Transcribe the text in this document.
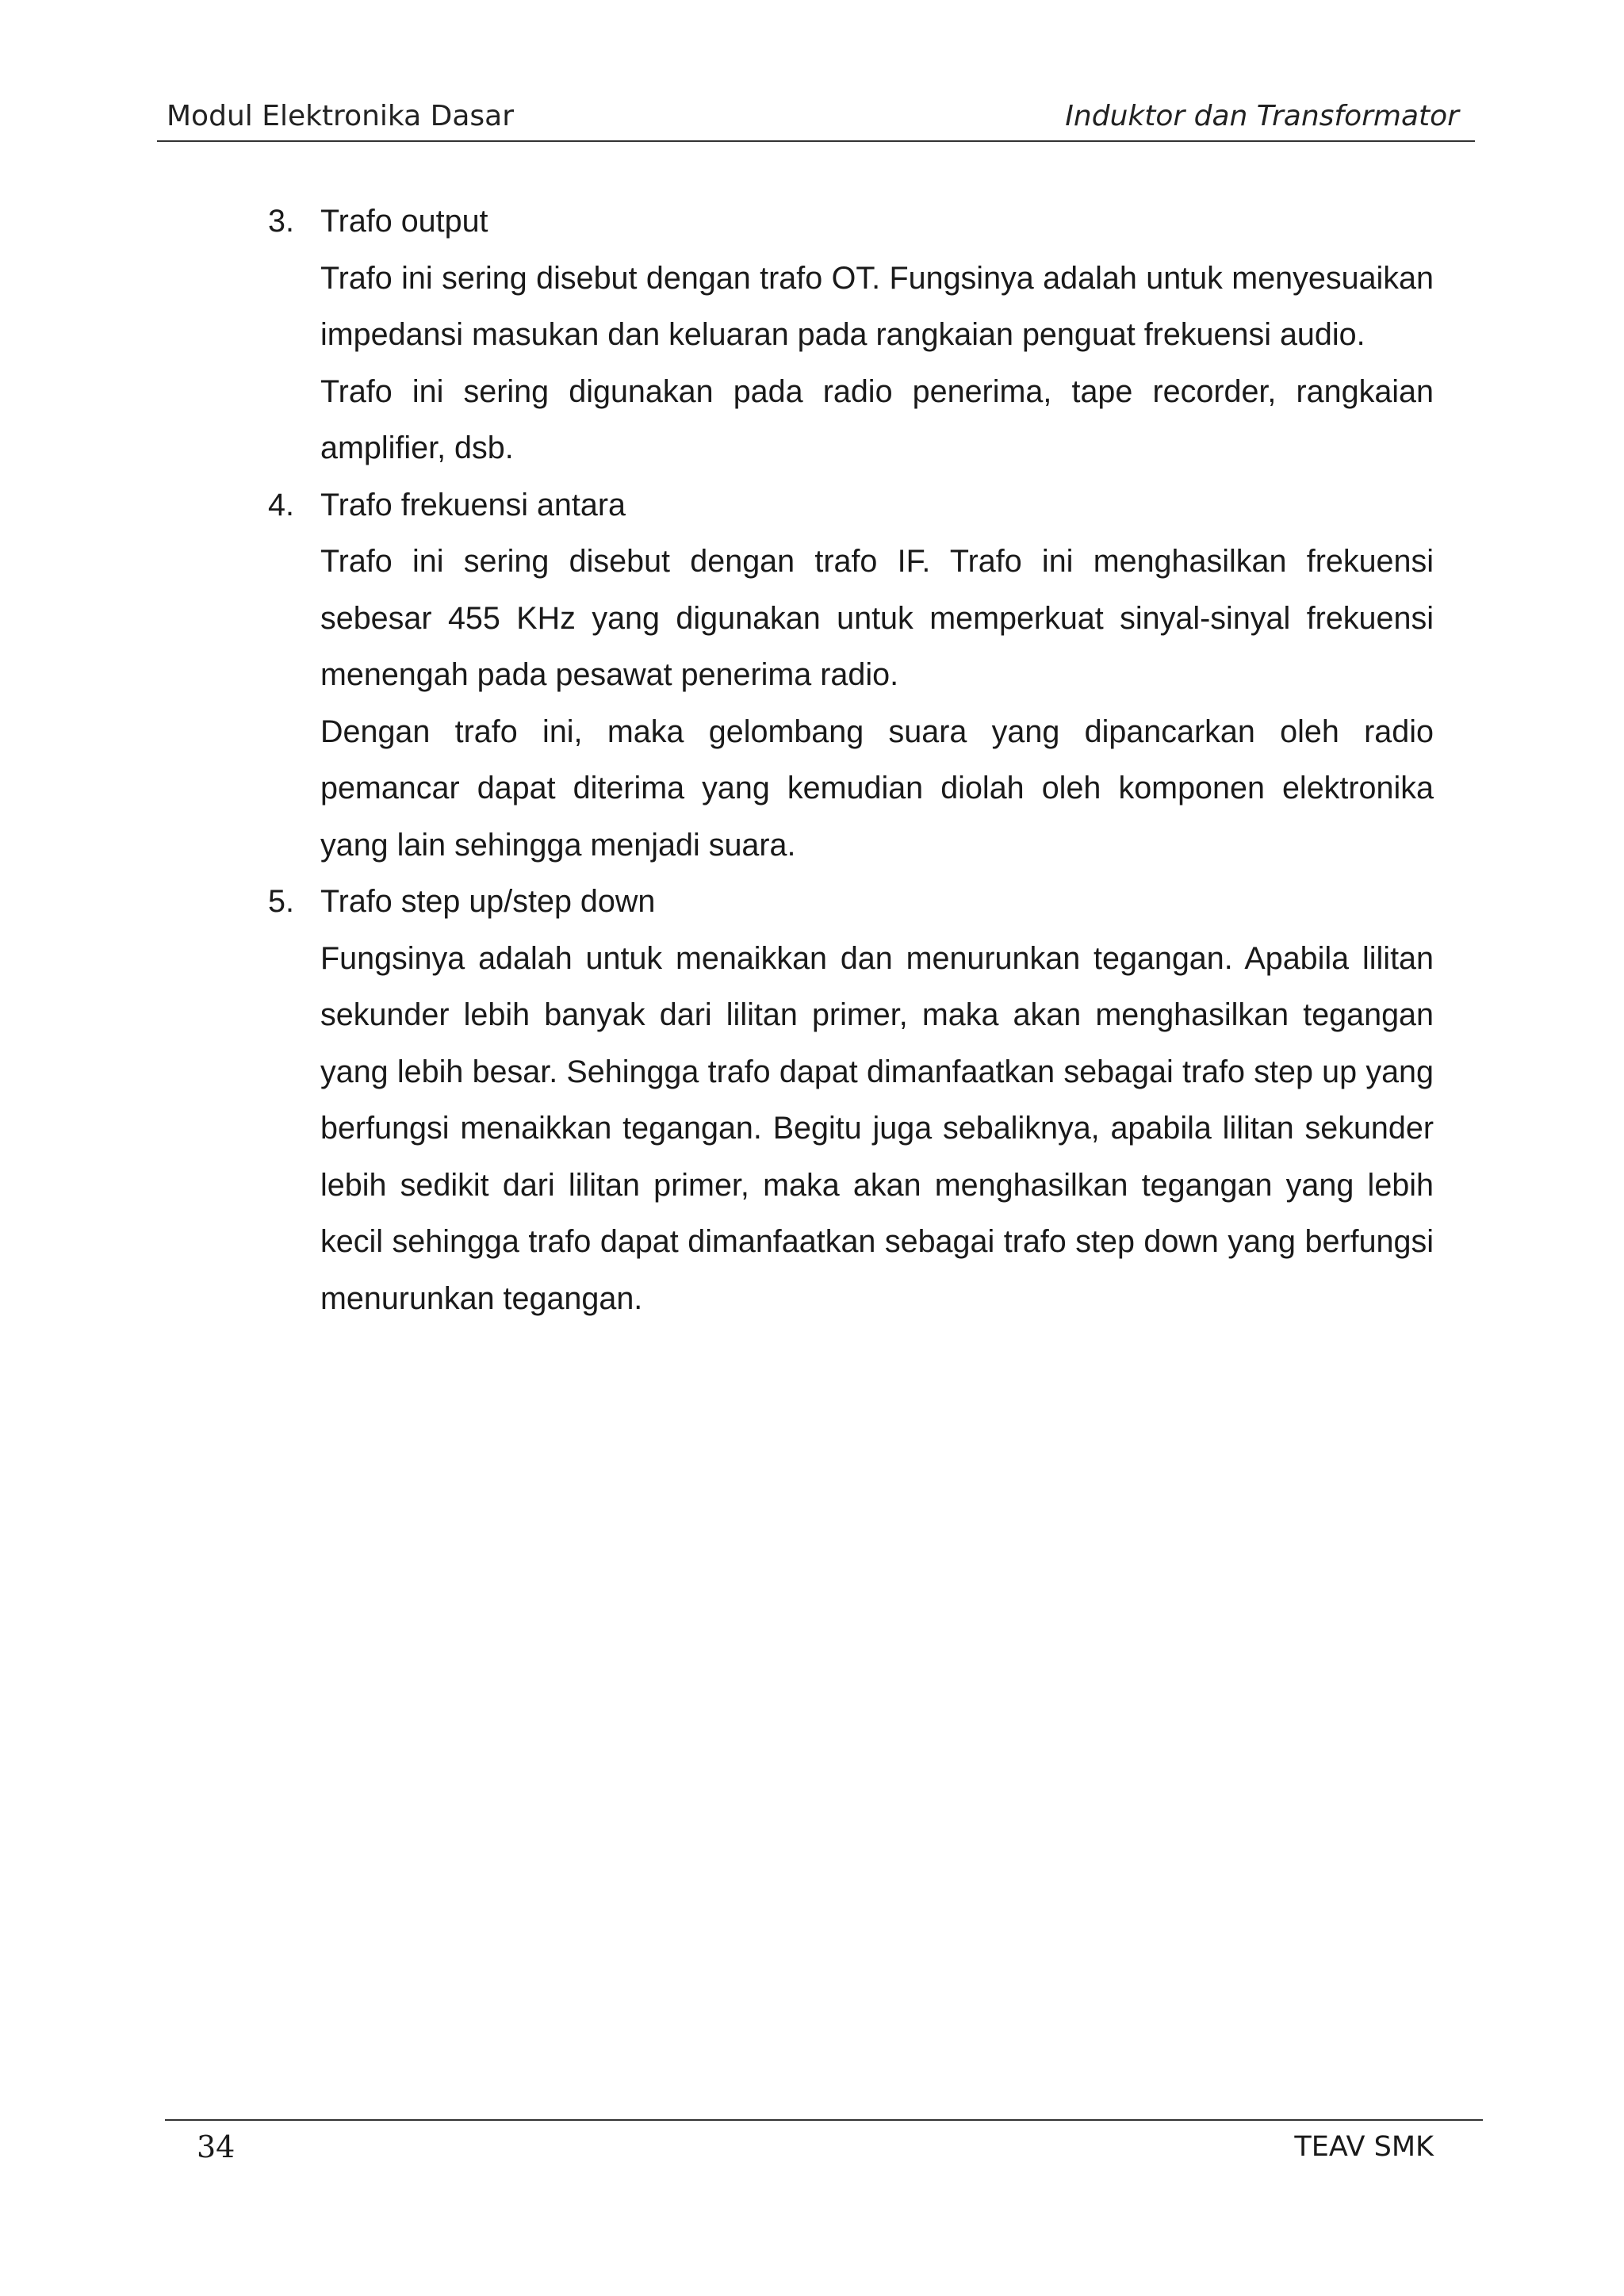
Modul Elektronika Dasar	Induktor dan Transformator
3. Trafo output
Trafo ini sering disebut dengan trafo OT. Fungsinya adalah untuk menyesuaikan impedansi masukan dan keluaran pada rangkaian penguat frekuensi audio.
Trafo ini sering digunakan pada radio penerima, tape recorder, rangkaian amplifier, dsb.
4. Trafo frekuensi antara
Trafo ini sering disebut dengan trafo IF. Trafo ini menghasilkan frekuensi sebesar 455 KHz yang digunakan untuk memperkuat sinyal-sinyal frekuensi menengah pada pesawat penerima radio.
Dengan trafo ini, maka gelombang suara yang dipancarkan oleh radio pemancar dapat diterima yang kemudian diolah oleh komponen elektronika yang lain sehingga menjadi suara.
5. Trafo step up/step down
Fungsinya adalah untuk menaikkan dan menurunkan tegangan. Apabila lilitan sekunder lebih banyak dari lilitan primer, maka akan menghasilkan tegangan yang lebih besar. Sehingga trafo dapat dimanfaatkan sebagai trafo step up yang berfungsi menaikkan tegangan. Begitu juga sebaliknya, apabila lilitan sekunder lebih sedikit dari lilitan primer, maka akan menghasilkan tegangan yang lebih kecil sehingga trafo dapat dimanfaatkan sebagai trafo step down yang berfungsi menurunkan tegangan.
34	TEAV SMK
